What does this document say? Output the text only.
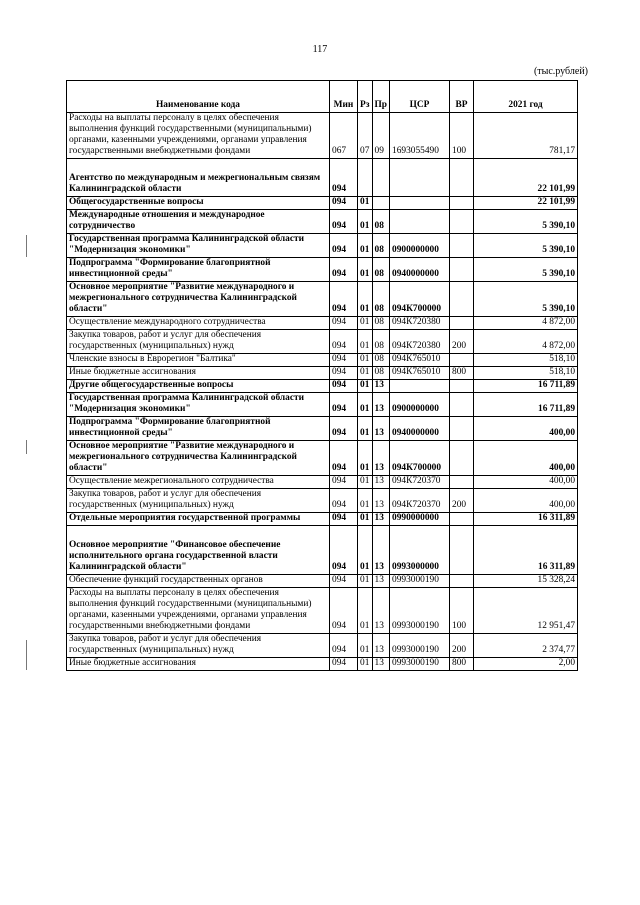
117
(тыс.рублей)
Наименование кода	Мин	Рз	Пр	ЦСР	ВР	2021 год
Расходы на выплаты персоналу в целях обеспечения выполнения функций государственными (муниципальными) органами, казенными учреждениями, органами управления государственными внебюджетными фондами	067	07	09	1693055490	100	781,17
Агентство по международным и межрегиональным связям Калининградской области	094					22 101,99
Общегосударственные вопросы	094	01				22 101,99
Международные отношения и международное сотрудничество	094	01	08			5 390,10
Государственная программа Калининградской области "Модернизация экономики"	094	01	08	0900000000		5 390,10
Подпрограмма "Формирование благоприятной инвестиционной среды"	094	01	08	0940000000		5 390,10
Основное мероприятие "Развитие международного и межрегионального сотрудничества Калининградской области"	094	01	08	094К700000		5 390,10
Осуществление международного сотрудничества	094	01	08	094К720380		4 872,00
Закупка товаров, работ и услуг для обеспечения государственных (муниципальных) нужд	094	01	08	094К720380	200	4 872,00
Членские взносы в Еврорегион "Балтика"	094	01	08	094К765010		518,10
Иные бюджетные ассигнования	094	01	08	094К765010	800	518,10
Другие общегосударственные вопросы	094	01	13			16 711,89
Государственная программа Калининградской области "Модернизация экономики"	094	01	13	0900000000		16 711,89
Подпрограмма "Формирование благоприятной инвестиционной среды"	094	01	13	0940000000		400,00
Основное мероприятие "Развитие международного и межрегионального сотрудничества Калининградской области"	094	01	13	094К700000		400,00
Осуществление межрегионального сотрудничества	094	01	13	094К720370		400,00
Закупка товаров, работ и услуг для обеспечения государственных (муниципальных) нужд	094	01	13	094К720370	200	400,00
Отдельные мероприятия государственной программы	094	01	13	0990000000		16 311,89
Основное мероприятие "Финансовое обеспечение исполнительного органа государственной власти Калининградской области"	094	01	13	0993000000		16 311,89
Обеспечение функций государственных органов	094	01	13	0993000190		15 328,24
Расходы на выплаты персоналу в целях обеспечения выполнения функций государственными (муниципальными) органами, казенными учреждениями, органами управления государственными внебюджетными фондами	094	01	13	0993000190	100	12 951,47
Закупка товаров, работ и услуг для обеспечения государственных (муниципальных) нужд	094	01	13	0993000190	200	2 374,77
Иные бюджетные ассигнования	094	01	13	0993000190	800	2,00
